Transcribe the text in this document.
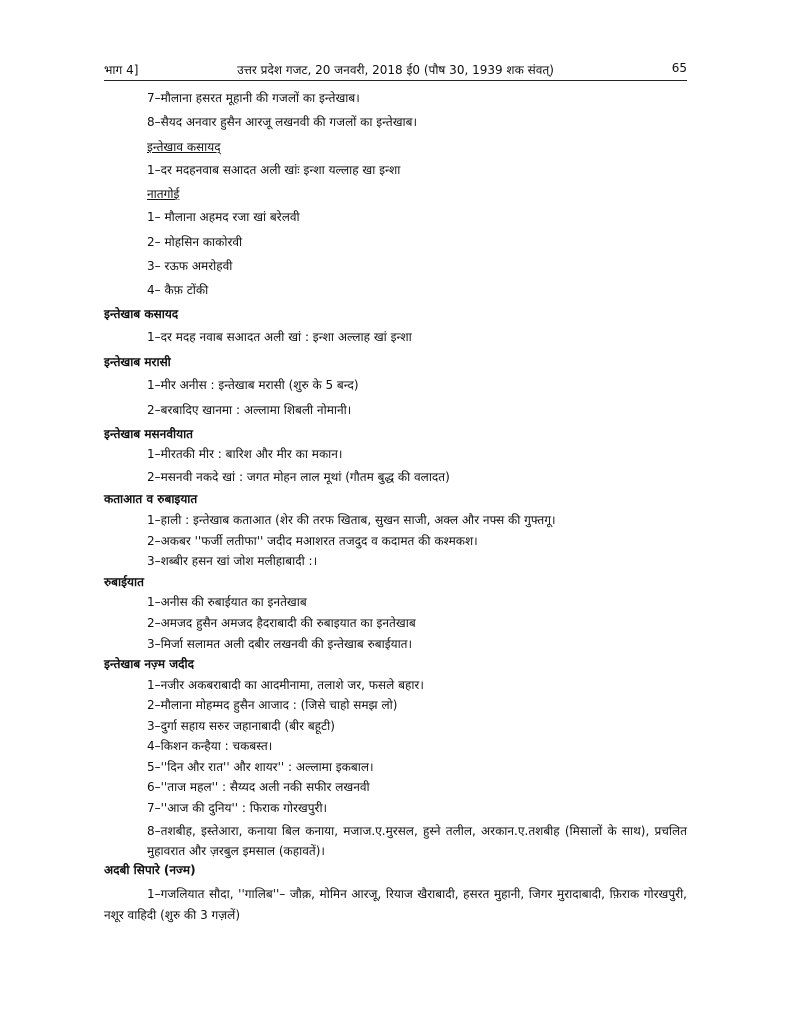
भाग 4]	उत्तर प्रदेश गजट, 20 जनवरी, 2018 ई0 (पौष 30, 1939 शक संवत्)	65
7–मौलाना हसरत मूहानी की गजलों का इन्तेखाब।
8–सैयद अनवार हुसैन आरजू लखनवी की गजलों का इन्तेखाब।
इन्तेखाव कसायद्
1–दर मदहनवाब सआदत अली खांः इन्शा यल्लाह खा इन्शा
नातगोई
1– मौलाना अहमद रजा खां बरेलवी
2– मोहसिन काकोरवी
3– रऊफ अमरोहवी
4– कैफ़ टोंकी
इन्तेखाब कसायद
1–दर मदह नवाब सआदत अली खां : इन्शा अल्लाह खां इन्शा
इन्तेखाब मरासी
1–मीर अनीस : इन्तेखाब मरासी (शुरु के 5 बन्द)
2–बरबादिए खानमा : अल्लामा शिबली नोमानी।
इन्तेखाब मसनवीयात
1–मीरतकी मीर : बारिश और मीर का मकान।
2–मसनवी नकदे खां : जगत मोहन लाल मूथां (गौतम बुद्ध की वलादत)
कताआत व रुबाइयात
1–हाली : इन्तेखाब कताआत (शेर की तरफ खिताब, सुखन साजी, अक्ल और नफ्स की गुफ्तगू।
2–अकबर ''फर्जी लतीफा'' जदीद मआशरत तजदुद व कदामत की कश्मकश।
3–शब्बीर हसन खां जोश मलीहाबादी :।
रुबाईयात
1–अनीस की रुबाईयात का इनतेखाब
2–अमजद हुसैन अमजद हैदराबादी की रुबाइयात का इनतेखाब
3–मिर्जा सलामत अली दबीर लखनवी की इन्तेखाब रुबाईयात।
इन्तेखाब नज़्म जदीद
1–नजीर अकबराबादी का आदमीनामा, तलाशे जर, फसले बहार।
2–मौलाना मोहम्मद हुसैन आजाद : (जिसे चाहो समझ लो)
3–दुर्गा सहाय सरुर जहानाबादी (बीर बहूटी)
4–किशन कन्हैया : चकबस्त।
5–''दिन और रात'' और शायर'' : अल्लामा इकबाल।
6–''ताज महल'' : सैय्यद अली नकी सफीर लखनवी
7–''आज की दुनिय'' : फिराक गोरखपुरी।
8–तशबीह, इस्तेआरा, कनाया बिल कनाया, मजाज.ए.मुरसल, हुस्ने तलील, अरकान.ए.तशबीह (मिसालों के साथ), प्रचलित मुहावरात और ज़रबुल इमसाल (कहावतें)।
अदबी सिपारे (नज्म)
1–गजलियात सौदा, ''गालिब''– जौक़, मोमिन आरजू, रियाज खैराबादी, हसरत मुहानी, जिगर मुरादाबादी, फ़िराक गोरखपुरी, नशूर वाहिदी (शुरु की 3 गज़लें)
